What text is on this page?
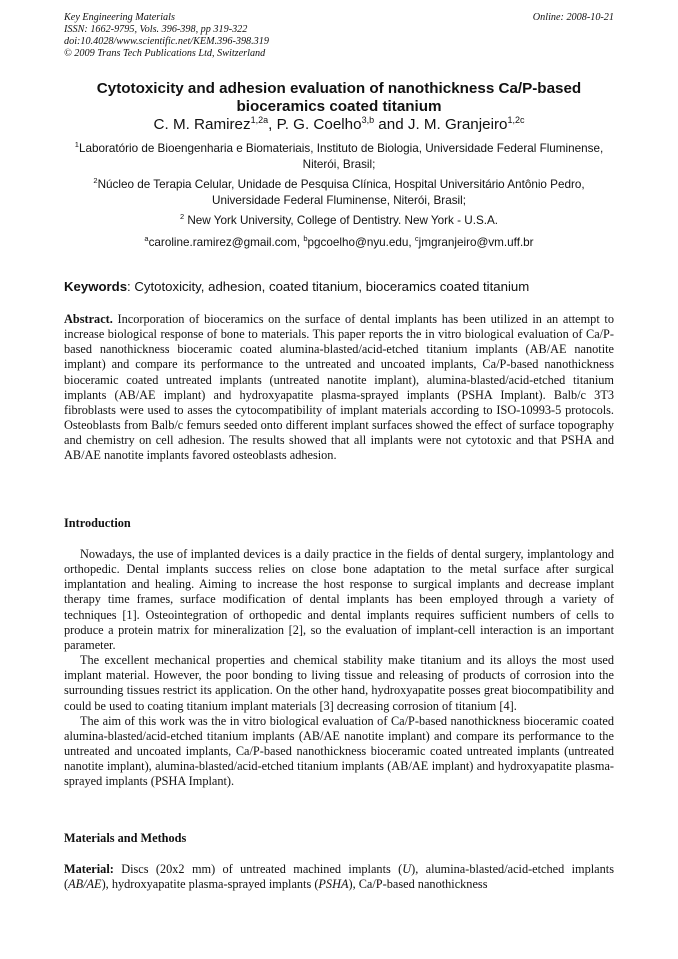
Key Engineering Materials
ISSN: 1662-9795, Vols. 396-398, pp 319-322
doi:10.4028/www.scientific.net/KEM.396-398.319
© 2009 Trans Tech Publications Ltd, Switzerland
Online: 2008-10-21
Cytotoxicity and adhesion evaluation of nanothickness Ca/P-based bioceramics coated titanium
C. M. Ramirez$^{1,2a}$, P. G. Coelho$^{3,b}$ and J. M. Granjeiro$^{1,2c}$
$^1$Laboratório de Bioengenharia e Biomateriais, Instituto de Biologia, Universidade Federal Fluminense, Niterói, Brasil;
$^2$Núcleo de Terapia Celular, Unidade de Pesquisa Clínica, Hospital Universitário Antônio Pedro, Universidade Federal Fluminense, Niterói, Brasil;
$^2$ New York University, College of Dentistry. New York - U.S.A.
$^a$caroline.ramirez@gmail.com, $^b$pgcoelho@nyu.edu, $^c$jmgranjeiro@vm.uff.br
Keywords: Cytotoxicity, adhesion, coated titanium, bioceramics coated titanium
Abstract. Incorporation of bioceramics on the surface of dental implants has been utilized in an attempt to increase biological response of bone to materials. This paper reports the in vitro biological evaluation of Ca/P-based nanothickness bioceramic coated alumina-blasted/acid-etched titanium implants (AB/AE nanotite implant) and compare its performance to the untreated and uncoated implants, Ca/P-based nanothickness bioceramic coated untreated implants (untreated nanotite implant), alumina-blasted/acid-etched titanium implants (AB/AE implant) and hydroxyapatite plasma-sprayed implants (PSHA Implant). Balb/c 3T3 fibroblasts were used to asses the cytocompatibility of implant materials according to ISO-10993-5 protocols. Osteoblasts from Balb/c femurs seeded onto different implant surfaces showed the effect of surface topography and chemistry on cell adhesion. The results showed that all implants were not cytotoxic and that PSHA and AB/AE nanotite implants favored osteoblasts adhesion.
Introduction
Nowadays, the use of implanted devices is a daily practice in the fields of dental surgery, implantology and orthopedic. Dental implants success relies on close bone adaptation to the metal surface after surgical implantation and healing. Aiming to increase the host response to surgical implants and decrease implant therapy time frames, surface modification of dental implants has been employed through a variety of techniques [1]. Osteointegration of orthopedic and dental implants requires sufficient numbers of cells to produce a protein matrix for mineralization [2], so the evaluation of implant-cell interaction is an important parameter.
The excellent mechanical properties and chemical stability make titanium and its alloys the most used implant material. However, the poor bonding to living tissue and releasing of products of corrosion into the surrounding tissues restrict its application. On the other hand, hydroxyapatite posses great biocompatibility and could be used to coating titanium implant materials [3] decreasing corrosion of titanium [4].
The aim of this work was the in vitro biological evaluation of Ca/P-based nanothickness bioceramic coated alumina-blasted/acid-etched titanium implants (AB/AE nanotite implant) and compare its performance to the untreated and uncoated implants, Ca/P-based nanothickness bioceramic coated untreated implants (untreated nanotite implant), alumina-blasted/acid-etched titanium implants (AB/AE implant) and hydroxyapatite plasma-sprayed implants (PSHA Implant).
Materials and Methods
Material: Discs (20x2 mm) of untreated machined implants (U), alumina-blasted/acid-etched implants (AB/AE), hydroxyapatite plasma-sprayed implants (PSHA), Ca/P-based nanothickness
